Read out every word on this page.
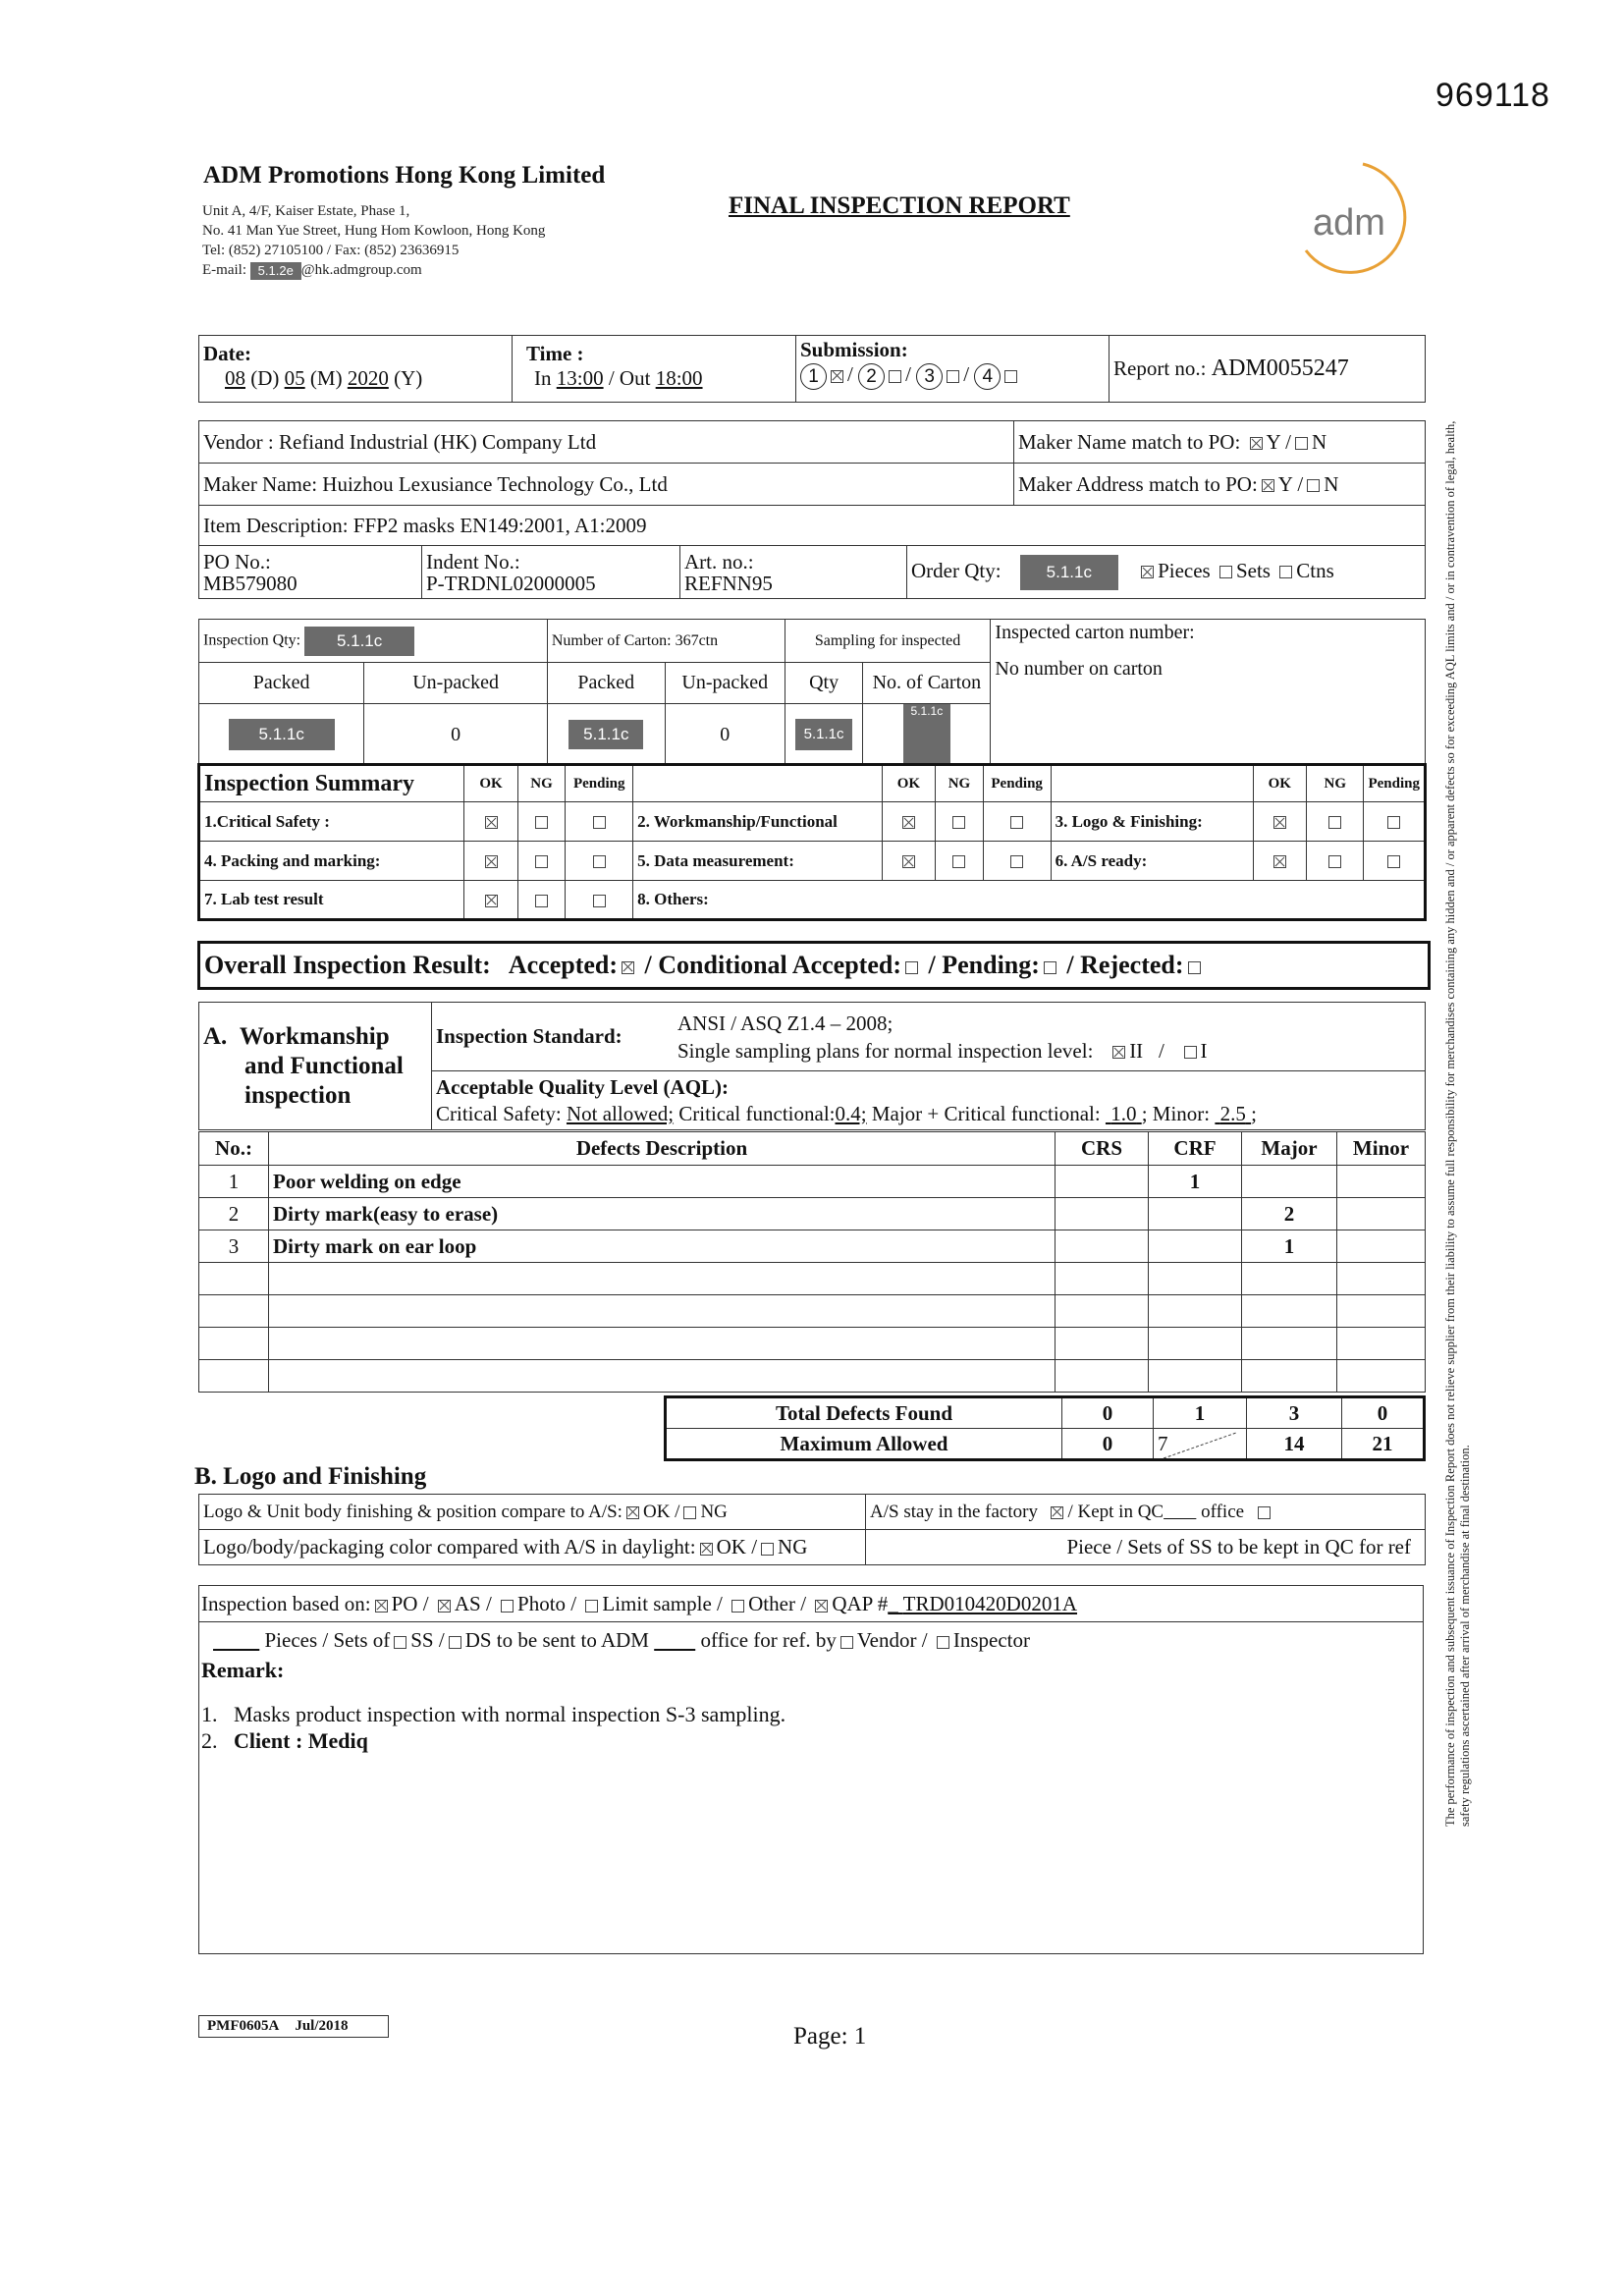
969118
ADM Promotions Hong Kong Limited
Unit A, 4/F, Kaiser Estate, Phase 1,
No. 41 Man Yue Street, Hung Hom Kowloon, Hong Kong
Tel: (852) 27105100 / Fax: (852) 23636915
E-mail: 5.1.2e @hk.admgroup.com
FINAL INSPECTION REPORT	adm
Date:
08 (D) 05 (M) 2020 (Y)

Time :
In 13:00 / Out 18:00

Submission:
1 / 2 / 3 / 4	Report no.: ADM0055247
Vendor : Refiand Industrial (HK) Company Ltd	Maker Name match to PO: Y / N
Maker Name: Huizhou Lexusiance Technology Co., Ltd	Maker Address match to PO: Y / N
Item Description: FFP2 masks EN149:2001, A1:2009	
PO No.:
MB579080

Indent No.:
P-TRDNL02000005

Art. no.:
REFNN95
	Order Qty:	5.1.1c	Pieces Sets Ctns
Inspection Qty: 5.1.1c		Number of Carton: 367ctn		Sampling for inspected		Inspected carton number:
No number on carton

Packed	Un-packed	Packed	Un-packed	Qty	No. of Carton	
5.1.1c	0	5.1.1c	0	5.1.1c	5.1.1c	
Inspection Summary	OK	NG	Pending		OK	NG	Pending		OK	NG	Pending
1.Critical Safety :				2. Workmanship/Functional				3. Logo & Finishing:			
4. Packing and marking:				5. Data measurement:				6. A/S ready:			
7. Lab test result				8. Others:							
Overall Inspection Result: Accepted: / Conditional Accepted: / Pending: / Rejected:
A. Workmanship
and Functional
inspection
	Inspection Standard:	
ANSI / ASQ Z1.4 – 2008;
Single sampling plans for normal inspection level: II   /   I

Acceptable Quality Level (AQL):
Critical Safety: Not allowed; Critical functional:0.4; Major + Critical functional: 1.0 ; Minor: 2.5 ;
No.:	Defects Description	CRS	CRF	Major	Minor
1	Poor welding on edge		1		
2	Dirty mark(easy to erase)			2	
3	Dirty mark on ear loop			1	

Total Defects Found	0	1	3	0
Maximum Allowed	0	7	14	21
B. Logo and Finishing
Logo & Unit body finishing & position compare to A/S: OK / NG	A/S stay in the factory / Kept in QC office
Logo/body/packaging color compared with A/S in daylight: OK / NG	Piece / Sets of SS to be kept in QC for ref
Inspection based on: PO / AS / Photo / Limit sample / Other / QAP #_ TRD010420D0201A
Pieces / Sets of SS / DS to be sent to ADM	office for ref. by Vendor / Inspector
Remark:
1.   Masks product inspection with normal inspection S-3 sampling.
2. Client : Mediq	The performance of inspection and subsequent issuance of Inspection Report does not relieve supplier from their liability to assume full responsibility for merchandises containing any hidden and / or apparent defects so for exceeding AQL limits and / or in contravention of legal, health, safety regulations ascertained after arrival of merchandise at final destination.
PMF0605A	Jul/2018	Page: 1
